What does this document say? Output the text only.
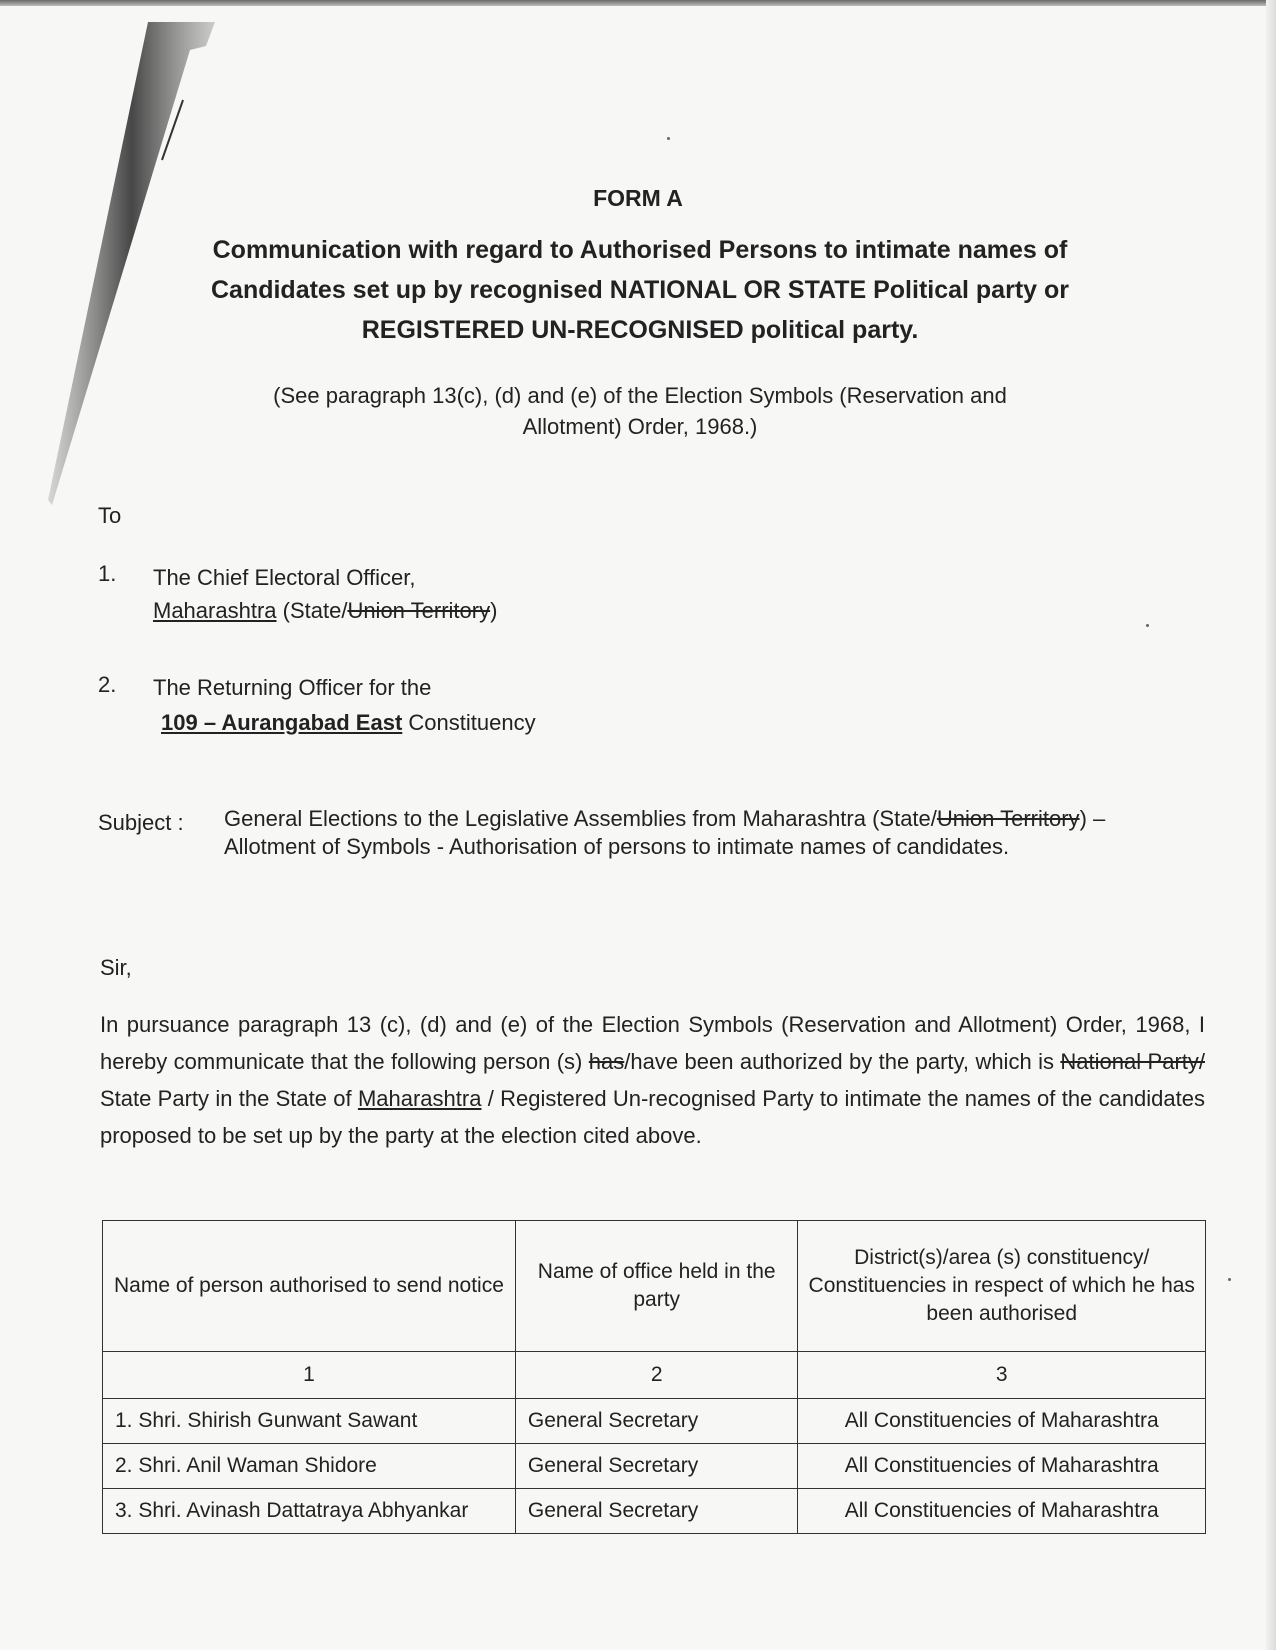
FORM A
Communication with regard to Authorised Persons to intimate names of
Candidates set up by recognised NATIONAL OR STATE Political party or
REGISTERED UN-RECOGNISED political party.
(See paragraph 13(c), (d) and (e) of the Election Symbols (Reservation and
Allotment) Order, 1968.)
To
1. The Chief Electoral Officer,
Maharashtra (State/Union Territory)
2. The Returning Officer for the
109 – Aurangabad East Constituency
Subject : General Elections to the Legislative Assemblies from Maharashtra (State/Union Territory) – Allotment of Symbols - Authorisation of persons to intimate names of candidates.
Sir,
In pursuance paragraph 13 (c), (d) and (e) of the Election Symbols (Reservation and Allotment) Order, 1968, I hereby communicate that the following person (s) has/have been authorized by the party, which is National Party/ State Party in the State of Maharashtra / Registered Un-recognised Party to intimate the names of the candidates proposed to be set up by the party at the election cited above.
Name of person authorised to send notice	Name of office held in the party	District(s)/area (s) constituency/ Constituencies in respect of which he has been authorised
1	2	3
1. Shri. Shirish Gunwant Sawant	General Secretary	All Constituencies of Maharashtra
2. Shri. Anil Waman Shidore	General Secretary	All Constituencies of Maharashtra
3. Shri. Avinash Dattatraya Abhyankar	General Secretary	All Constituencies of Maharashtra
